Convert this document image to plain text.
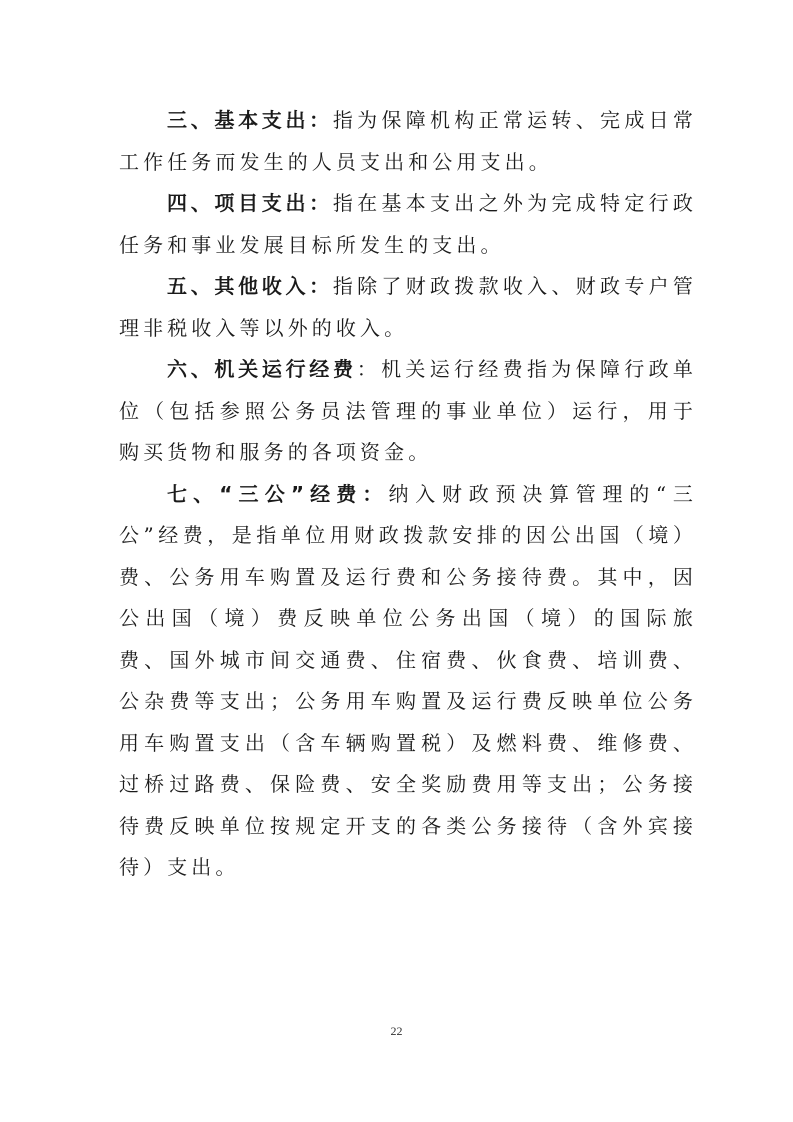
三、基本支出：指为保障机构正常运转、完成日常工作任务而发生的人员支出和公用支出。

四、项目支出：指在基本支出之外为完成特定行政任务和事业发展目标所发生的支出。

五、其他收入：指除了财政拨款收入、财政专户管理非税收入等以外的收入。

六、机关运行经费：机关运行经费指为保障行政单位（包括参照公务员法管理的事业单位）运行，用于购买货物和服务的各项资金。

七、“三公”经费：纳入财政预决算管理的“三公”经费，是指单位用财政拨款安排的因公出国（境）费、公务用车购置及运行费和公务接待费。其中，因公出国（境）费反映单位公务出国（境）的国际旅费、国外城市间交通费、住宿费、伙食费、培训费、公杂费等支出；公务用车购置及运行费反映单位公务用车购置支出（含车辆购置税）及燃料费、维修费、过桥过路费、保险费、安全奖励费用等支出；公务接待费反映单位按规定开支的各类公务接待（含外宾接待）支出。

22
